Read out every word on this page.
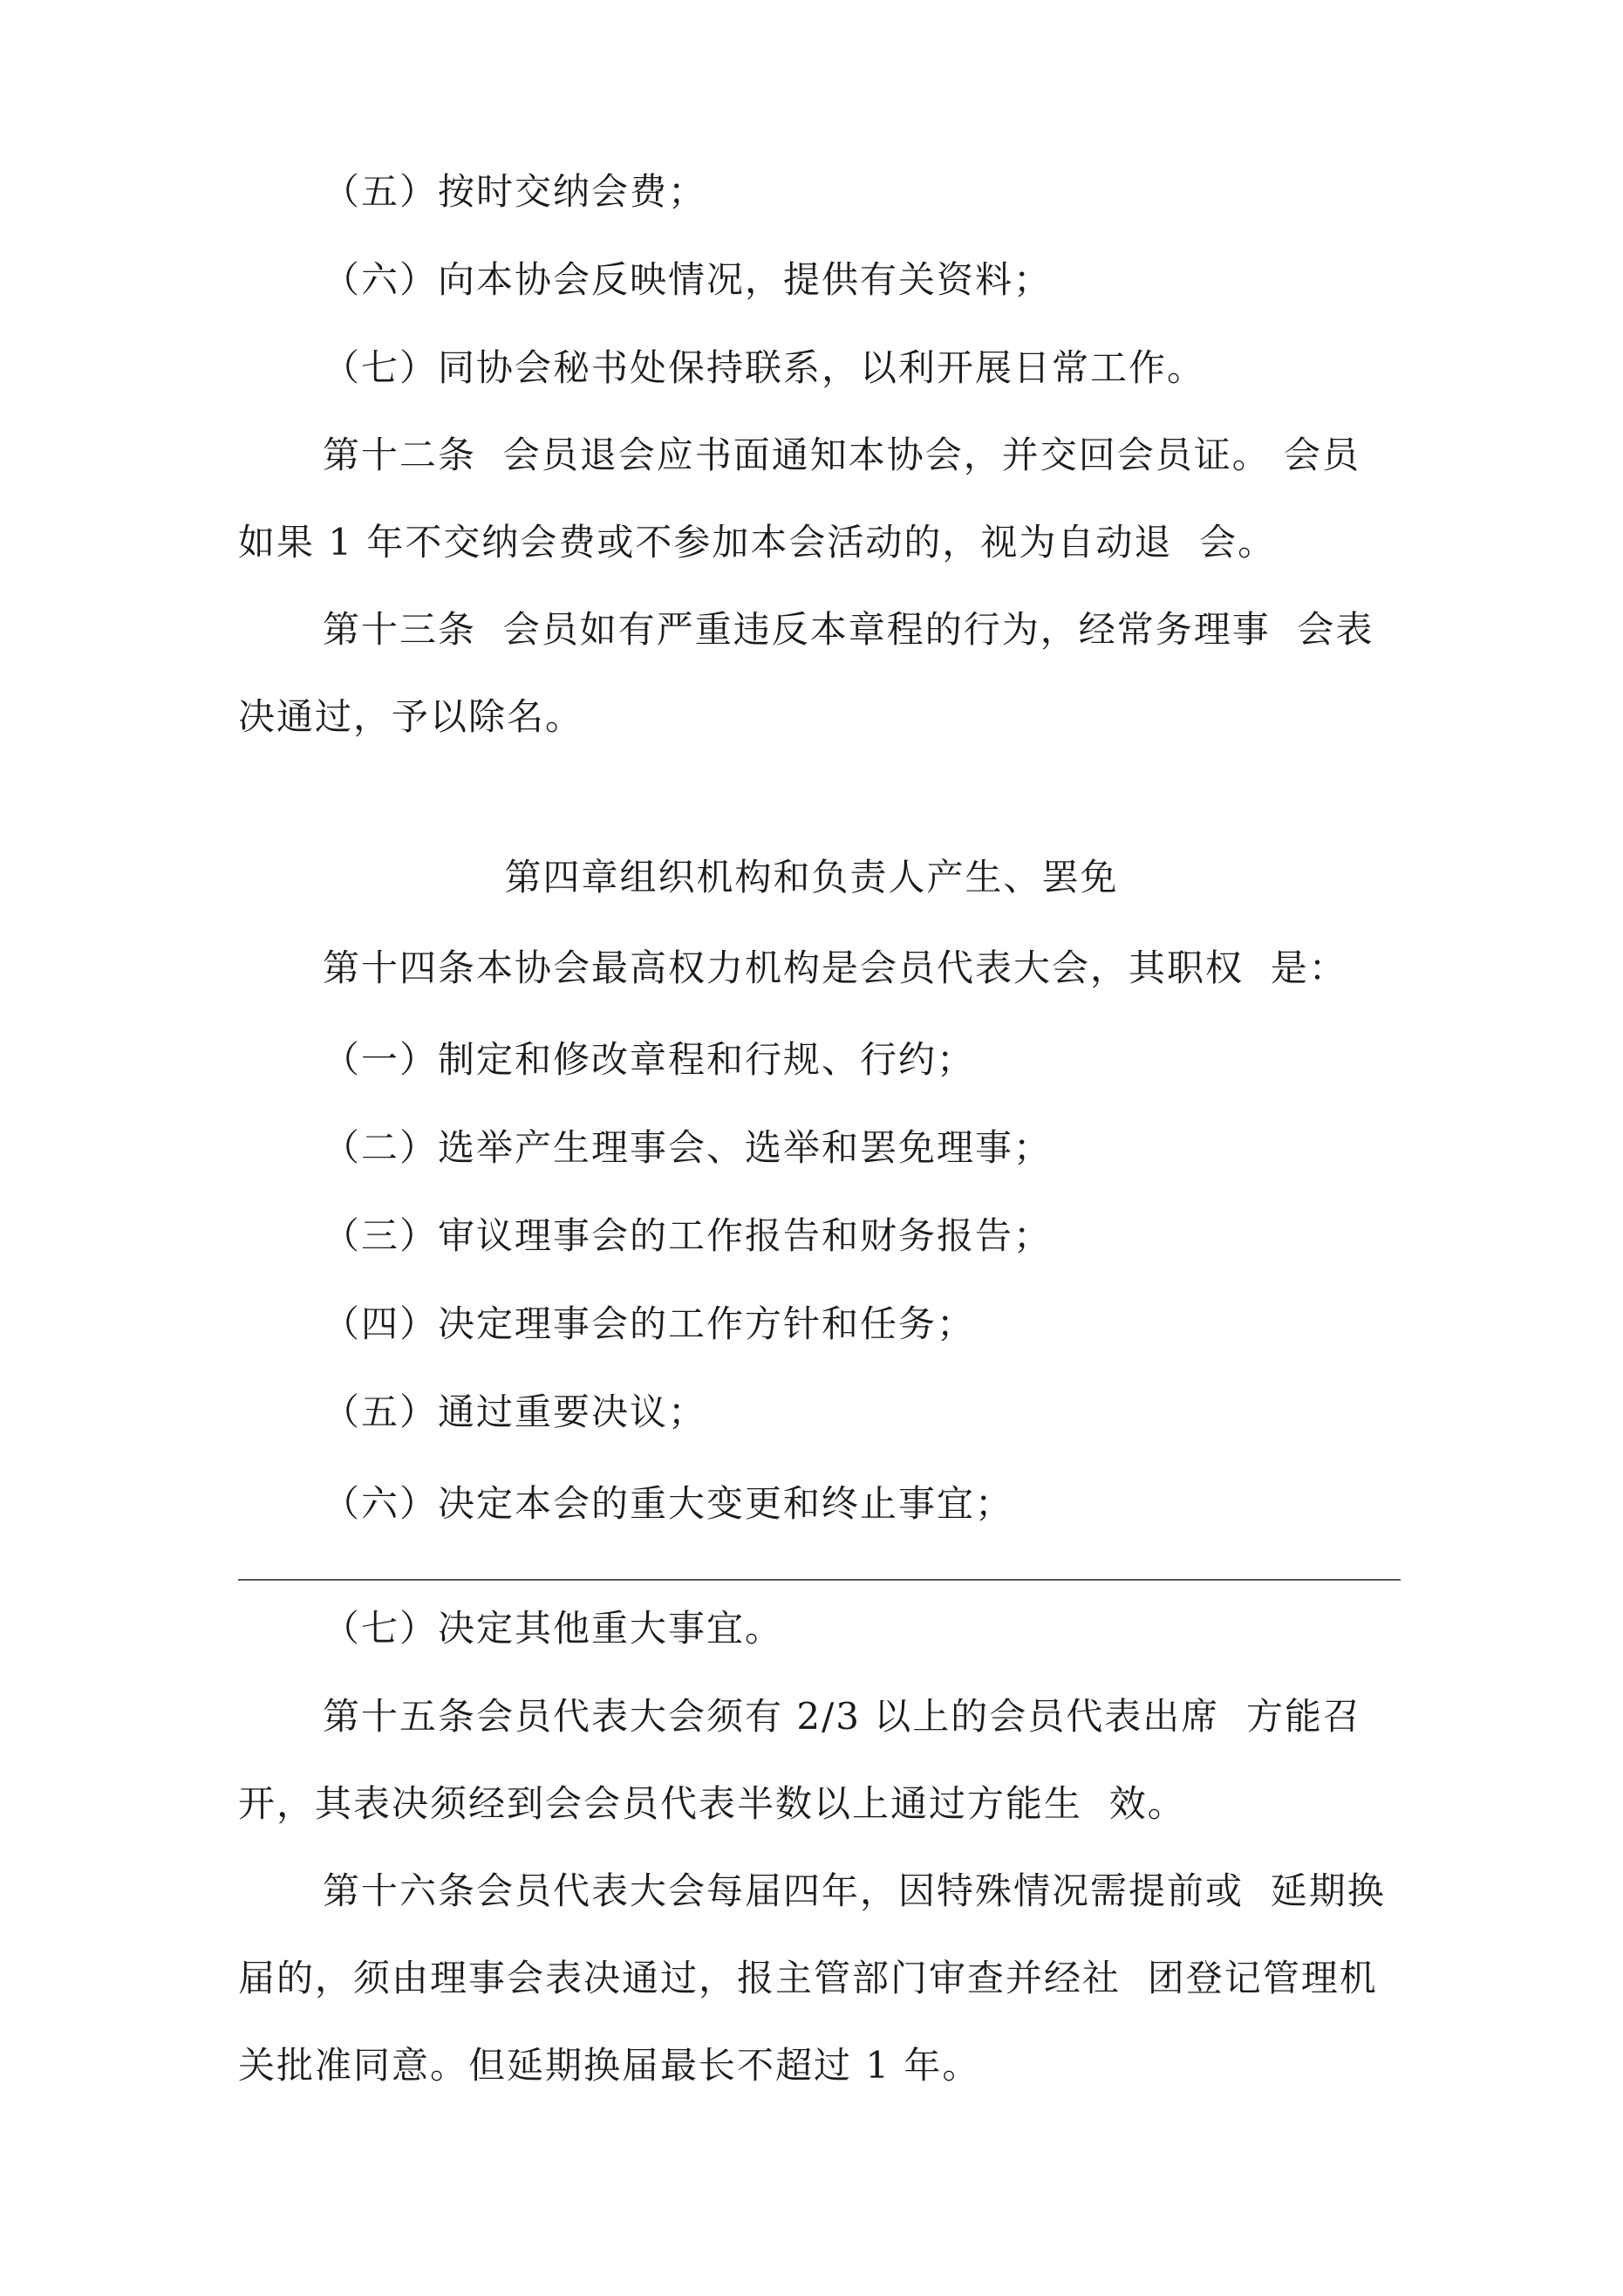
（五）按时交纳会费；
（六）向本协会反映情况，提供有关资料；
（七）同协会秘书处保持联系，以利开展日常工作。
第十二条  会员退会应书面通知本协会，并交回会员证。 会员
如果 1 年不交纳会费或不参加本会活动的，视为自动退  会。
第十三条  会员如有严重违反本章程的行为，经常务理事  会表
决通过，予以除名。
第四章组织机构和负责人产生、罢免
第十四条本协会最高权力机构是会员代表大会，其职权  是：
（一）制定和修改章程和行规、行约；
（二）选举产生理事会、选举和罢免理事；
（三）审议理事会的工作报告和财务报告；
（四）决定理事会的工作方针和任务；
（五）通过重要决议；
（六）决定本会的重大变更和终止事宜；
（七）决定其他重大事宜。
第十五条会员代表大会须有 2/3 以上的会员代表出席  方能召
开，其表决须经到会会员代表半数以上通过方能生  效。
第十六条会员代表大会每届四年，因特殊情况需提前或  延期换
届的，须由理事会表决通过，报主管部门审查并经社  团登记管理机
关批准同意。但延期换届最长不超过 1 年。
